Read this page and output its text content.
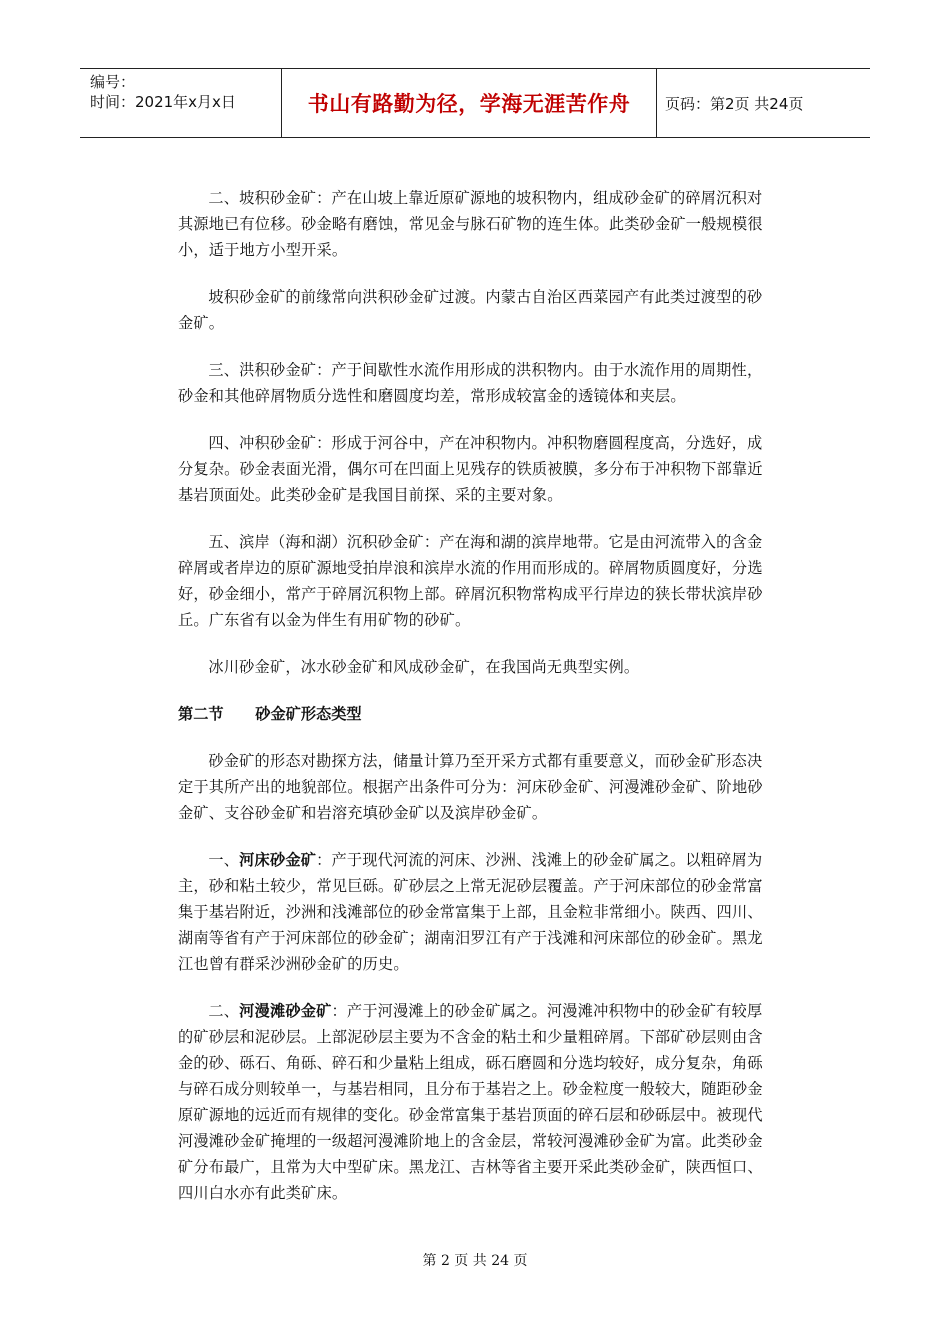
编号：
时间：2021年x月x日	书山有路勤为径，学海无涯苦作舟	页码：第2页 共24页

二、坡积砂金矿：产在山坡上靠近原矿源地的坡积物内，组成砂金矿的碎屑沉积对其源地已有位移。砂金略有磨蚀，常见金与脉石矿物的连生体。此类砂金矿一般规模很小，适于地方小型开采。

坡积砂金矿的前缘常向洪积砂金矿过渡。内蒙古自治区西菜园产有此类过渡型的砂金矿。

三、洪积砂金矿：产于间歇性水流作用形成的洪积物内。由于水流作用的周期性，砂金和其他碎屑物质分选性和磨圆度均差，常形成较富金的透镜体和夹层。

四、冲积砂金矿：形成于河谷中，产在冲积物内。冲积物磨圆程度高，分选好，成分复杂。砂金表面光滑，偶尔可在凹面上见残存的铁质被膜，多分布于冲积物下部靠近基岩顶面处。此类砂金矿是我国目前探、采的主要对象。

五、滨岸（海和湖）沉积砂金矿：产在海和湖的滨岸地带。它是由河流带入的含金碎屑或者岸边的原矿源地受拍岸浪和滨岸水流的作用而形成的。碎屑物质圆度好，分选好，砂金细小，常产于碎屑沉积物上部。碎屑沉积物常构成平行岸边的狭长带状滨岸砂丘。广东省有以金为伴生有用矿物的砂矿。

冰川砂金矿，冰水砂金矿和风成砂金矿，在我国尚无典型实例。

第二节      砂金矿形态类型

砂金矿的形态对勘探方法，储量计算乃至开采方式都有重要意义，而砂金矿形态决定于其所产出的地貌部位。根据产出条件可分为：河床砂金矿、河漫滩砂金矿、阶地砂金矿、支谷砂金矿和岩溶充填砂金矿以及滨岸砂金矿。

一、河床砂金矿：产于现代河流的河床、沙洲、浅滩上的砂金矿属之。以粗碎屑为主，砂和粘土较少，常见巨砾。矿砂层之上常无泥砂层覆盖。产于河床部位的砂金常富集于基岩附近，沙洲和浅滩部位的砂金常富集于上部，且金粒非常细小。陕西、四川、湖南等省有产于河床部位的砂金矿；湖南汨罗江有产于浅滩和河床部位的砂金矿。黑龙江也曾有群采沙洲砂金矿的历史。

二、河漫滩砂金矿：产于河漫滩上的砂金矿属之。河漫滩冲积物中的砂金矿有较厚的矿砂层和泥砂层。上部泥砂层主要为不含金的粘土和少量粗碎屑。下部矿砂层则由含金的砂、砾石、角砾、碎石和少量粘上组成，砾石磨圆和分选均较好，成分复杂，角砾与碎石成分则较单一，与基岩相同，且分布于基岩之上。砂金粒度一般较大，随距砂金原矿源地的远近而有规律的变化。砂金常富集于基岩顶面的碎石层和砂砾层中。被现代河漫滩砂金矿掩埋的一级超河漫滩阶地上的含金层，常较河漫滩砂金矿为富。此类砂金矿分布最广，且常为大中型矿床。黑龙江、吉林等省主要开采此类砂金矿，陕西恒口、四川白水亦有此类矿床。

第 2 页 共 24 页
